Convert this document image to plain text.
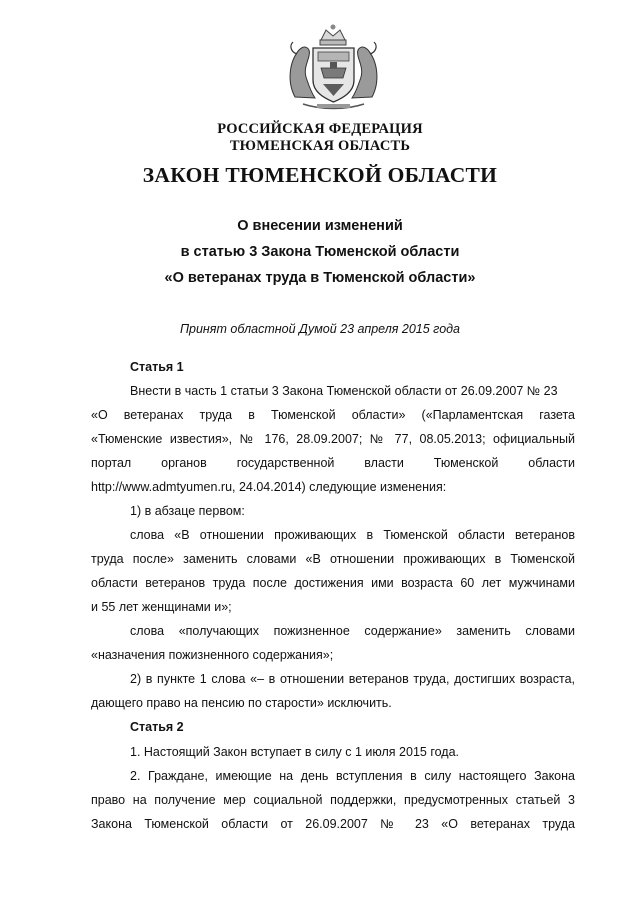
РОССИЙСКАЯ ФЕДЕРАЦИЯ
ТЮМЕНСКАЯ ОБЛАСТЬ
ЗАКОН ТЮМЕНСКОЙ ОБЛАСТИ
О внесении изменений
в статью 3 Закона Тюменской области
«О ветеранах труда в Тюменской области»
Принят областной Думой 23 апреля 2015 года
Статья 1
Внести в часть 1 статьи 3 Закона Тюменской области от 26.09.2007 № 23
«О ветеранах труда в Тюменской области» («Парламентская газета
«Тюменские известия», № 176, 28.09.2007; № 77, 08.05.2013; официальный
портал органов государственной власти Тюменской области
http://www.admtyumen.ru, 24.04.2014) следующие изменения:
1) в абзаце первом:
слова «В отношении проживающих в Тюменской области ветеранов
труда после» заменить словами «В отношении проживающих в Тюменской
области ветеранов труда после достижения ими возраста 60 лет мужчинами
и 55 лет женщинами и»;
слова «получающих пожизненное содержание» заменить словами
«назначения пожизненного содержания»;
2) в пункте 1 слова «– в отношении ветеранов труда, достигших возраста,
дающего право на пенсию по старости» исключить.
Статья 2
1. Настоящий Закон вступает в силу с 1 июля 2015 года.
2. Граждане, имеющие на день вступления в силу настоящего Закона
право на получение мер социальной поддержки, предусмотренных статьей 3
Закона Тюменской области от 26.09.2007 № 23 «О ветеранах труда
